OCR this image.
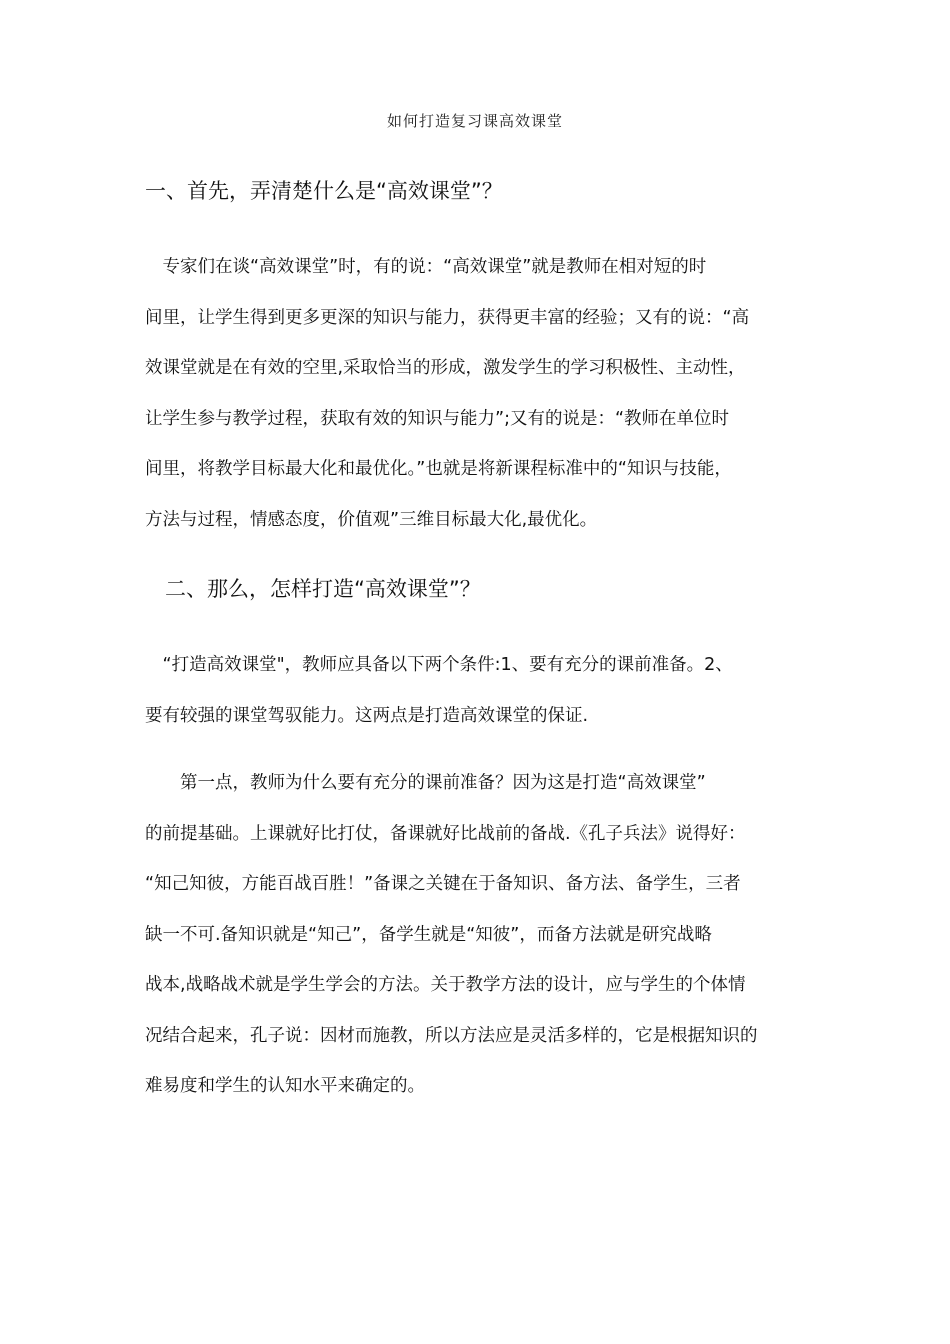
如何打造复习课高效课堂
一、首先，弄清楚什么是“高效课堂”？
　专家们在谈“高效课堂”时，有的说：“高效课堂”就是教师在相对短的时
间里，让学生得到更多更深的知识与能力，获得更丰富的经验；又有的说：“高
效课堂就是在有效的空里,采取恰当的形成，激发学生的学习积极性、主动性，
让学生参与教学过程，获取有效的知识与能力”;又有的说是：“教师在单位时
间里，将教学目标最大化和最优化。”也就是将新课程标准中的“知识与技能，
方法与过程，情感态度，价值观”三维目标最大化,最优化。
二、那么，怎样打造“高效课堂”？
　“打造高效课堂"，教师应具备以下两个条件:1、要有充分的课前准备。2、
要有较强的课堂驾驭能力。这两点是打造高效课堂的保证.
　　第一点，教师为什么要有充分的课前准备？因为这是打造“高效课堂”
的前提基础。上课就好比打仗，备课就好比战前的备战.《孔子兵法》说得好：
“知己知彼，方能百战百胜！”备课之关键在于备知识、备方法、备学生，三者
缺一不可.备知识就是“知己”，备学生就是“知彼”，而备方法就是研究战略
战本,战略战术就是学生学会的方法。关于教学方法的设计，应与学生的个体情
况结合起来，孔子说：因材而施教，所以方法应是灵活多样的，它是根据知识的
难易度和学生的认知水平来确定的。
